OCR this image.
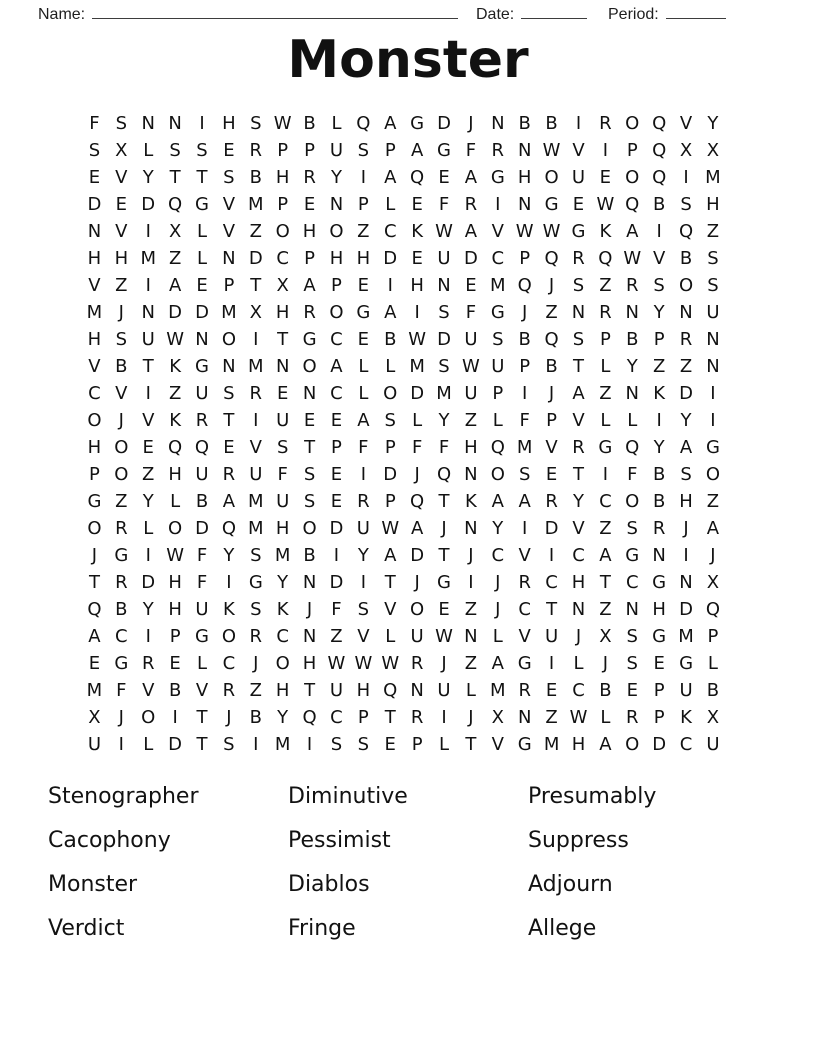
Name:	Date:	Period:
Monster
F S N N I H S W B L Q A G D J N B B	I R O Q V Y
S X L S S E R P P U S P A G F R N W V	I	P Q X X
E V Y T T S B H R Y	I	A Q E A G H O U E O Q I M
D E D Q G V M P E N P L E F R I N G E W Q B S H
N V	I	X L V Z O H O Z C K W A V W W G K A	I Q Z
H H M Z L N D C P H H D E U D C P Q R Q W V B S
V Z	I	A E P T X A P E	I H N E M Q J	S Z R S O S
M J N D D M X H R O G A	I	S F G J	Z N R N Y N U
H S U W N O I	T G C E B W D U S B Q S P B P R N
V B T K G N M N O A L L M S W U P B T L Y Z Z N
C V	I	Z U S R E N C L O D M U P	I	J	A Z N K D I
O J	V K R T	I U E E A S L Y Z L F P V L L	I	Y	I
H O E Q Q E V S T P F P F F H Q M V R G Q Y A G
P O Z H U R U F S E	I D J Q N O S E T	I	F B S O
G Z Y L B A M U S E R P Q T K A A R Y C O B H Z
O R L O D Q M H O D U W A	J N Y	I D V Z S R J	A
J G I W F Y S M B	I	Y A D T	J C V	I C A G N I	J
T R D H F	I G Y N D I	T	J G I	J R C H T C G N X
Q B Y H U K S K	J	F S V O E Z	J C T N Z N H D Q
A C I	P G O R C N Z V L U W N L V U J	X S G M P
E G R E L C J O H W W W R J	Z A G I	L	J	S E G L
M F V B V R Z H T U H Q N U L M R E C B E P U B
X	J O I	T	J	B Y Q C P T R I	J	X N Z W L R P K X
U I	L D T S	I M I	S S E P L T V G M H A O D C U
Stenographer
Cacophony
Monster
Verdict
Diminutive
Pessimist
Diablos
Fringe
Presumably
Suppress
Adjourn
Allege
